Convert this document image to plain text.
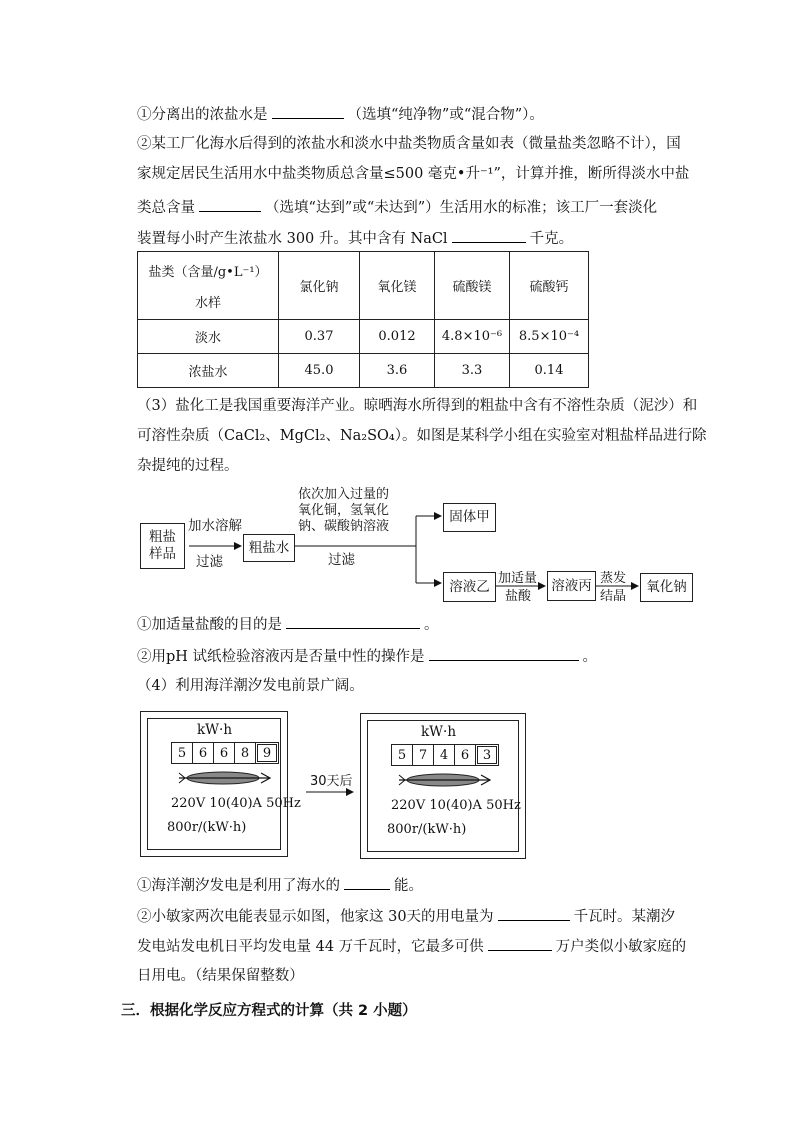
①分离出的浓盐水是	（选填“纯净物”或“混合物”）。
②某工厂化海水后得到的浓盐水和淡水中盐类物质含量如表（微量盐类忽略不计），国
家规定居民生活用水中盐类物质总含量≤500 毫克•升⁻¹”，计算并推，断所得淡水中盐
类总含量	（选填“达到”或“未达到”）生活用水的标准；该工厂一套淡化
装置每小时产生浓盐水 300 升。其中含有 NaCl	千克。
盐类（含量/g•L⁻¹）
水样	氯化钠	氧化镁	硫酸镁	硫酸钙
淡水	0.37	0.012	4.8×10⁻⁶	8.5×10⁻⁴
浓盐水	45.0	3.6	3.3	0.14
（3）盐化工是我国重要海洋产业。晾晒海水所得到的粗盐中含有不溶性杂质（泥沙）和
可溶性杂质（CaCl₂、MgCl₂、Na₂SO₄）。如图是某科学小组在实验室对粗盐样品进行除
杂提纯的过程。
粗盐
样品
加水溶解
过滤
粗盐水
依次加入过量的
氧化铜，氢氧化
钠、碳酸钠溶液
过滤
固体甲
溶液乙 加适量
盐酸
溶液丙 蒸发
结晶
氧化钠
①加适量盐酸的目的是	。
②用pH 试纸检验溶液丙是否量中性的操作是	。
（4）利用海洋潮汐发电前景广阔。
kW·h
5 6 6 8	9
220V 10(40)A 50Hz
800r/(kW·h)
30天后
kW·h
5 7 4 6	3
220V 10(40)A 50Hz
800r/(kW·h)
①海洋潮汐发电是利用了海水的	能。
②小敏家两次电能表显示如图，他家这 30天的用电量为	千瓦时。某潮汐
发电站发电机日平均发电量 44 万千瓦时，它最多可供	万户类似小敏家庭的
日用电。（结果保留整数）
三．根据化学反应方程式的计算（共 2 小题）
